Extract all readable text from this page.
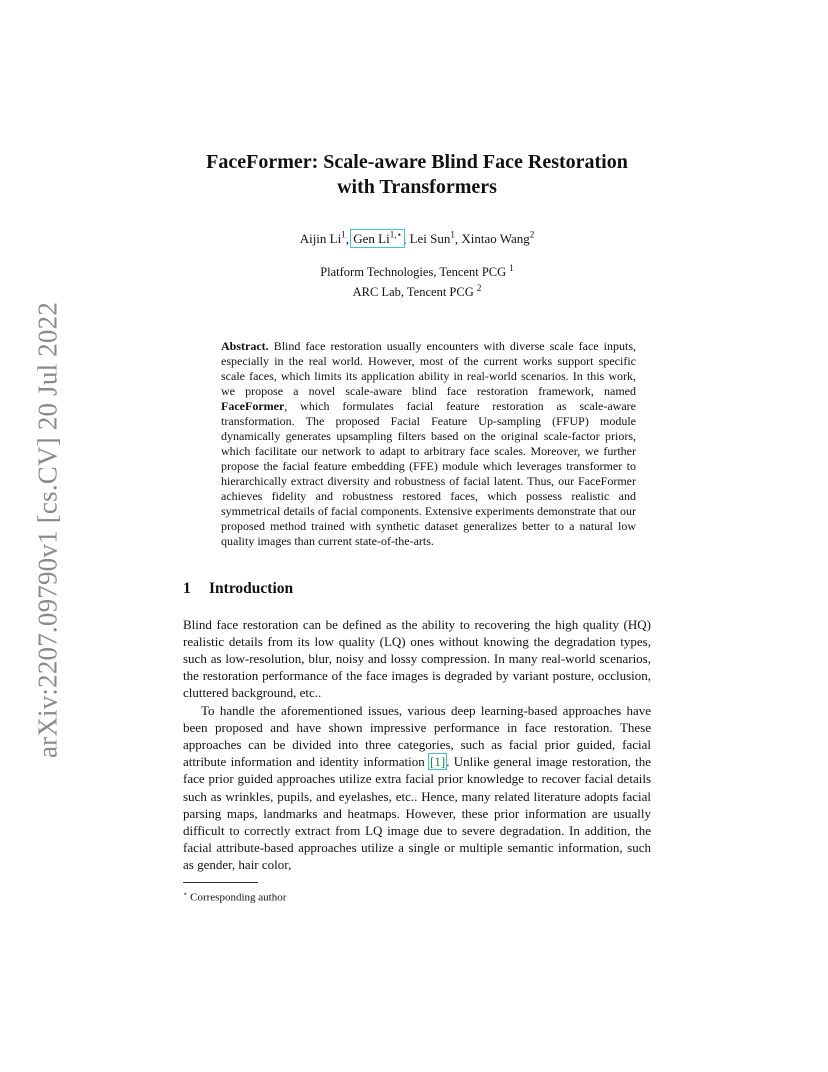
arXiv:2207.09790v1 [cs.CV] 20 Jul 2022
FaceFormer: Scale-aware Blind Face Restoration
with Transformers
Aijin Li$^1$, Gen $Li^{1,⋆}$, Lei Sun$^1$, Xintao Wang$^2$
Platform Technologies, Tencent PCG $^1$
ARC Lab, Tencent PCG $^2$
Abstract. Blind face restoration usually encounters with diverse scale face inputs, especially in the real world. However, most of the current works support specific scale faces, which limits its application ability in real-world scenarios. In this work, we propose a novel scale-aware blind face restoration framework, named FaceFormer, which formulates facial feature restoration as scale-aware transformation. The proposed Facial Feature Up-sampling (FFUP) module dynamically generates upsampling filters based on the original scale-factor priors, which facilitate our network to adapt to arbitrary face scales. Moreover, we further propose the facial feature embedding (FFE) module which leverages transformer to hierarchically extract diversity and robustness of facial latent. Thus, our FaceFormer achieves fidelity and robustness restored faces, which possess realistic and symmetrical details of facial components. Extensive experiments demonstrate that our proposed method trained with synthetic dataset generalizes better to a natural low quality images than current state-of-the-arts.
1 Introduction

Blind face restoration can be defined as the ability to recovering the high quality (HQ) realistic details from its low quality (LQ) ones without knowing the degradation types, such as low-resolution, blur, noisy and lossy compression. In many real-world scenarios, the restoration performance of the face images is degraded by variant posture, occlusion, cluttered background, etc..

To handle the aforementioned issues, various deep learning-based approaches have been proposed and have shown impressive performance in face restoration. These approaches can be divided into three categories, such as facial prior guided, facial attribute information and identity information [1]. Unlike general image restoration, the face prior guided approaches utilize extra facial prior knowledge to recover facial details such as wrinkles, pupils, and eyelashes, etc.. Hence, many related literature adopts facial parsing maps, landmarks and heatmaps. However, these prior information are usually difficult to correctly extract from LQ image due to severe degradation. In addition, the facial attribute-based approaches utilize a single or multiple semantic information, such as gender, hair color,

⋆ Corresponding author
